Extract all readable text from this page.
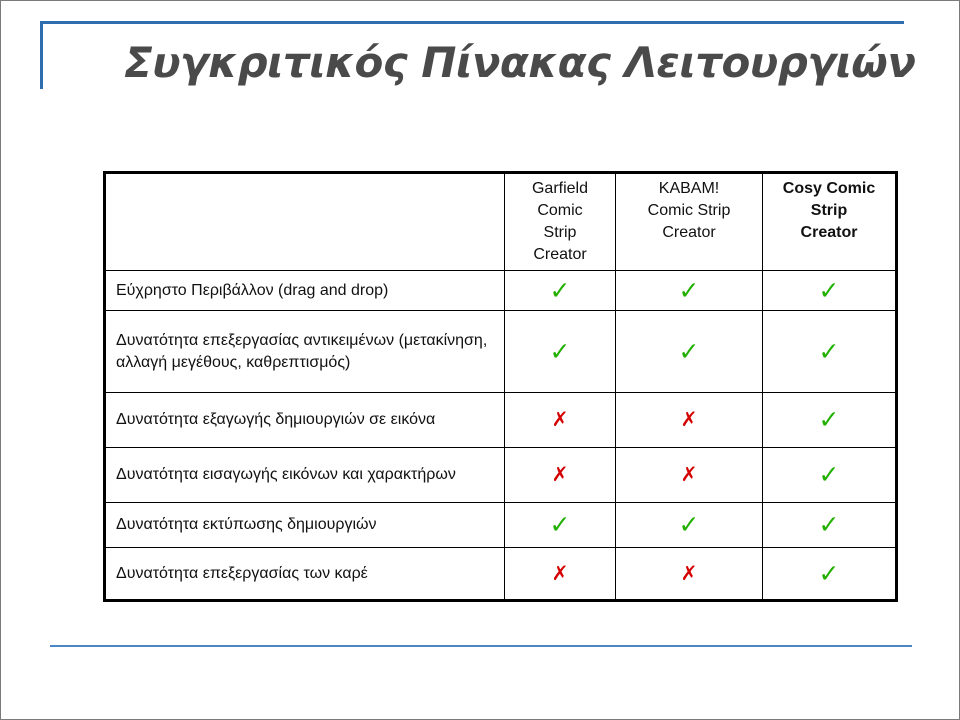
Συγκριτικός Πίνακας Λειτουργιών
	Garfield
Comic
Strip
Creator	KABAM!
Comic Strip
Creator	Cosy Comic
Strip
Creator
Εύχρηστο Περιβάλλον (drag and drop)	✓	✓	✓
Δυνατότητα επεξεργασίας αντικειμένων (μετακίνηση, αλλαγή μεγέθους, καθρεπτισμός)	✓	✓	✓
Δυνατότητα εξαγωγής δημιουργιών σε εικόνα	✗	✗	✓
Δυνατότητα εισαγωγής εικόνων και χαρακτήρων	✗	✗	✓
Δυνατότητα εκτύπωσης δημιουργιών	✓	✓	✓
Δυνατότητα επεξεργασίας των καρέ	✗	✗	✓
